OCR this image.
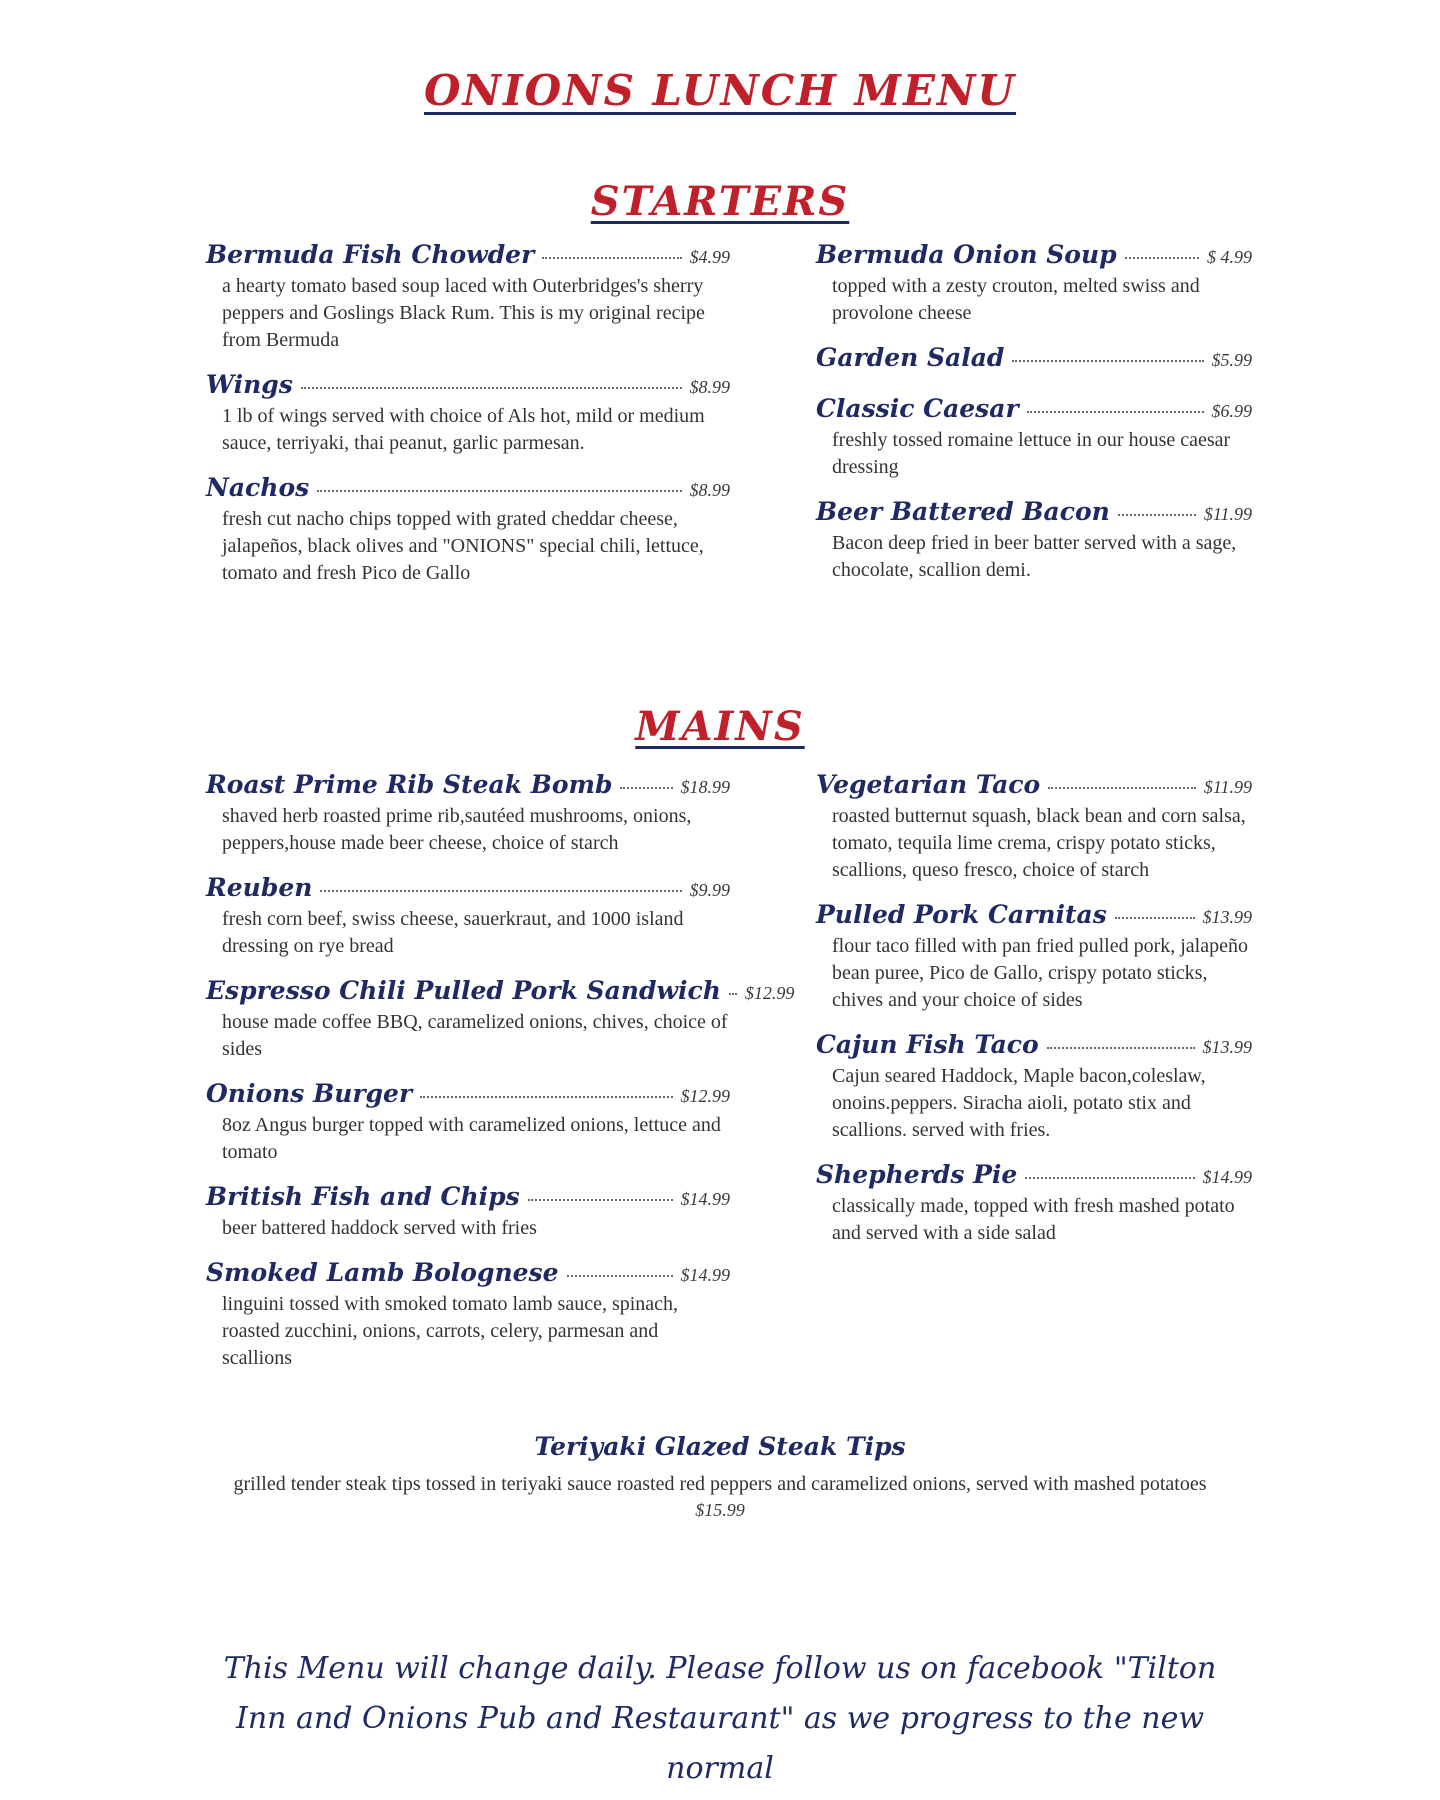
ONIONS LUNCH MENU
STARTERS
Bermuda Fish Chowder	$4.99

a hearty tomato based soup laced with Outerbridges's sherry peppers and Goslings Black Rum. This is my original recipe from Bermuda

Wings	$8.99

1 lb of wings served with choice of Als hot, mild or medium sauce, terriyaki, thai peanut, garlic parmesan.

Nachos	$8.99

fresh cut nacho chips topped with grated cheddar cheese, jalapeños, black olives and "ONIONS" special chili, lettuce, tomato and fresh Pico de Gallo

Bermuda Onion Soup	$ 4.99

topped with a zesty crouton, melted swiss and provolone cheese

Garden Salad	$5.99
Classic Caesar	$6.99

freshly tossed romaine lettuce in our house caesar dressing

Beer Battered Bacon	$11.99

Bacon deep fried in beer batter served with a sage, chocolate, scallion demi.

MAINS
Roast Prime Rib Steak Bomb	$18.99

shaved herb roasted prime rib,sautéed mushrooms, onions, peppers,house made beer cheese, choice of starch

Reuben	$9.99

fresh corn beef, swiss cheese, sauerkraut, and 1000 island dressing on rye bread

Espresso Chili Pulled Pork Sandwich $12.99

house made coffee BBQ, caramelized onions, chives, choice of sides

Onions Burger	$12.99

8oz Angus burger topped with caramelized onions, lettuce and tomato

British Fish and Chips	$14.99

beer battered haddock served with fries

Smoked Lamb Bolognese	$14.99

linguini tossed with smoked tomato lamb sauce, spinach, roasted zucchini, onions, carrots, celery, parmesan and scallions

Vegetarian Taco	$11.99

roasted butternut squash, black bean and corn salsa, tomato, tequila lime crema, crispy potato sticks, scallions, queso fresco, choice of starch

Pulled Pork Carnitas	$13.99

flour taco filled with pan fried pulled pork, jalapeño bean puree, Pico de Gallo, crispy potato sticks, chives and your choice of sides

Cajun Fish Taco	$13.99

Cajun seared Haddock, Maple bacon,coleslaw, onoins.peppers. Siracha aioli, potato stix and scallions. served with fries.

Shepherds Pie	$14.99

classically made, topped with fresh mashed potato and served with a side salad

Teriyaki Glazed Steak Tips
grilled tender steak tips tossed in teriyaki sauce roasted red peppers and caramelized onions, served with mashed potatoes
$15.99

This Menu will change daily. Please follow us on facebook "Tilton Inn and Onions Pub and Restaurant" as we progress to the new normal
